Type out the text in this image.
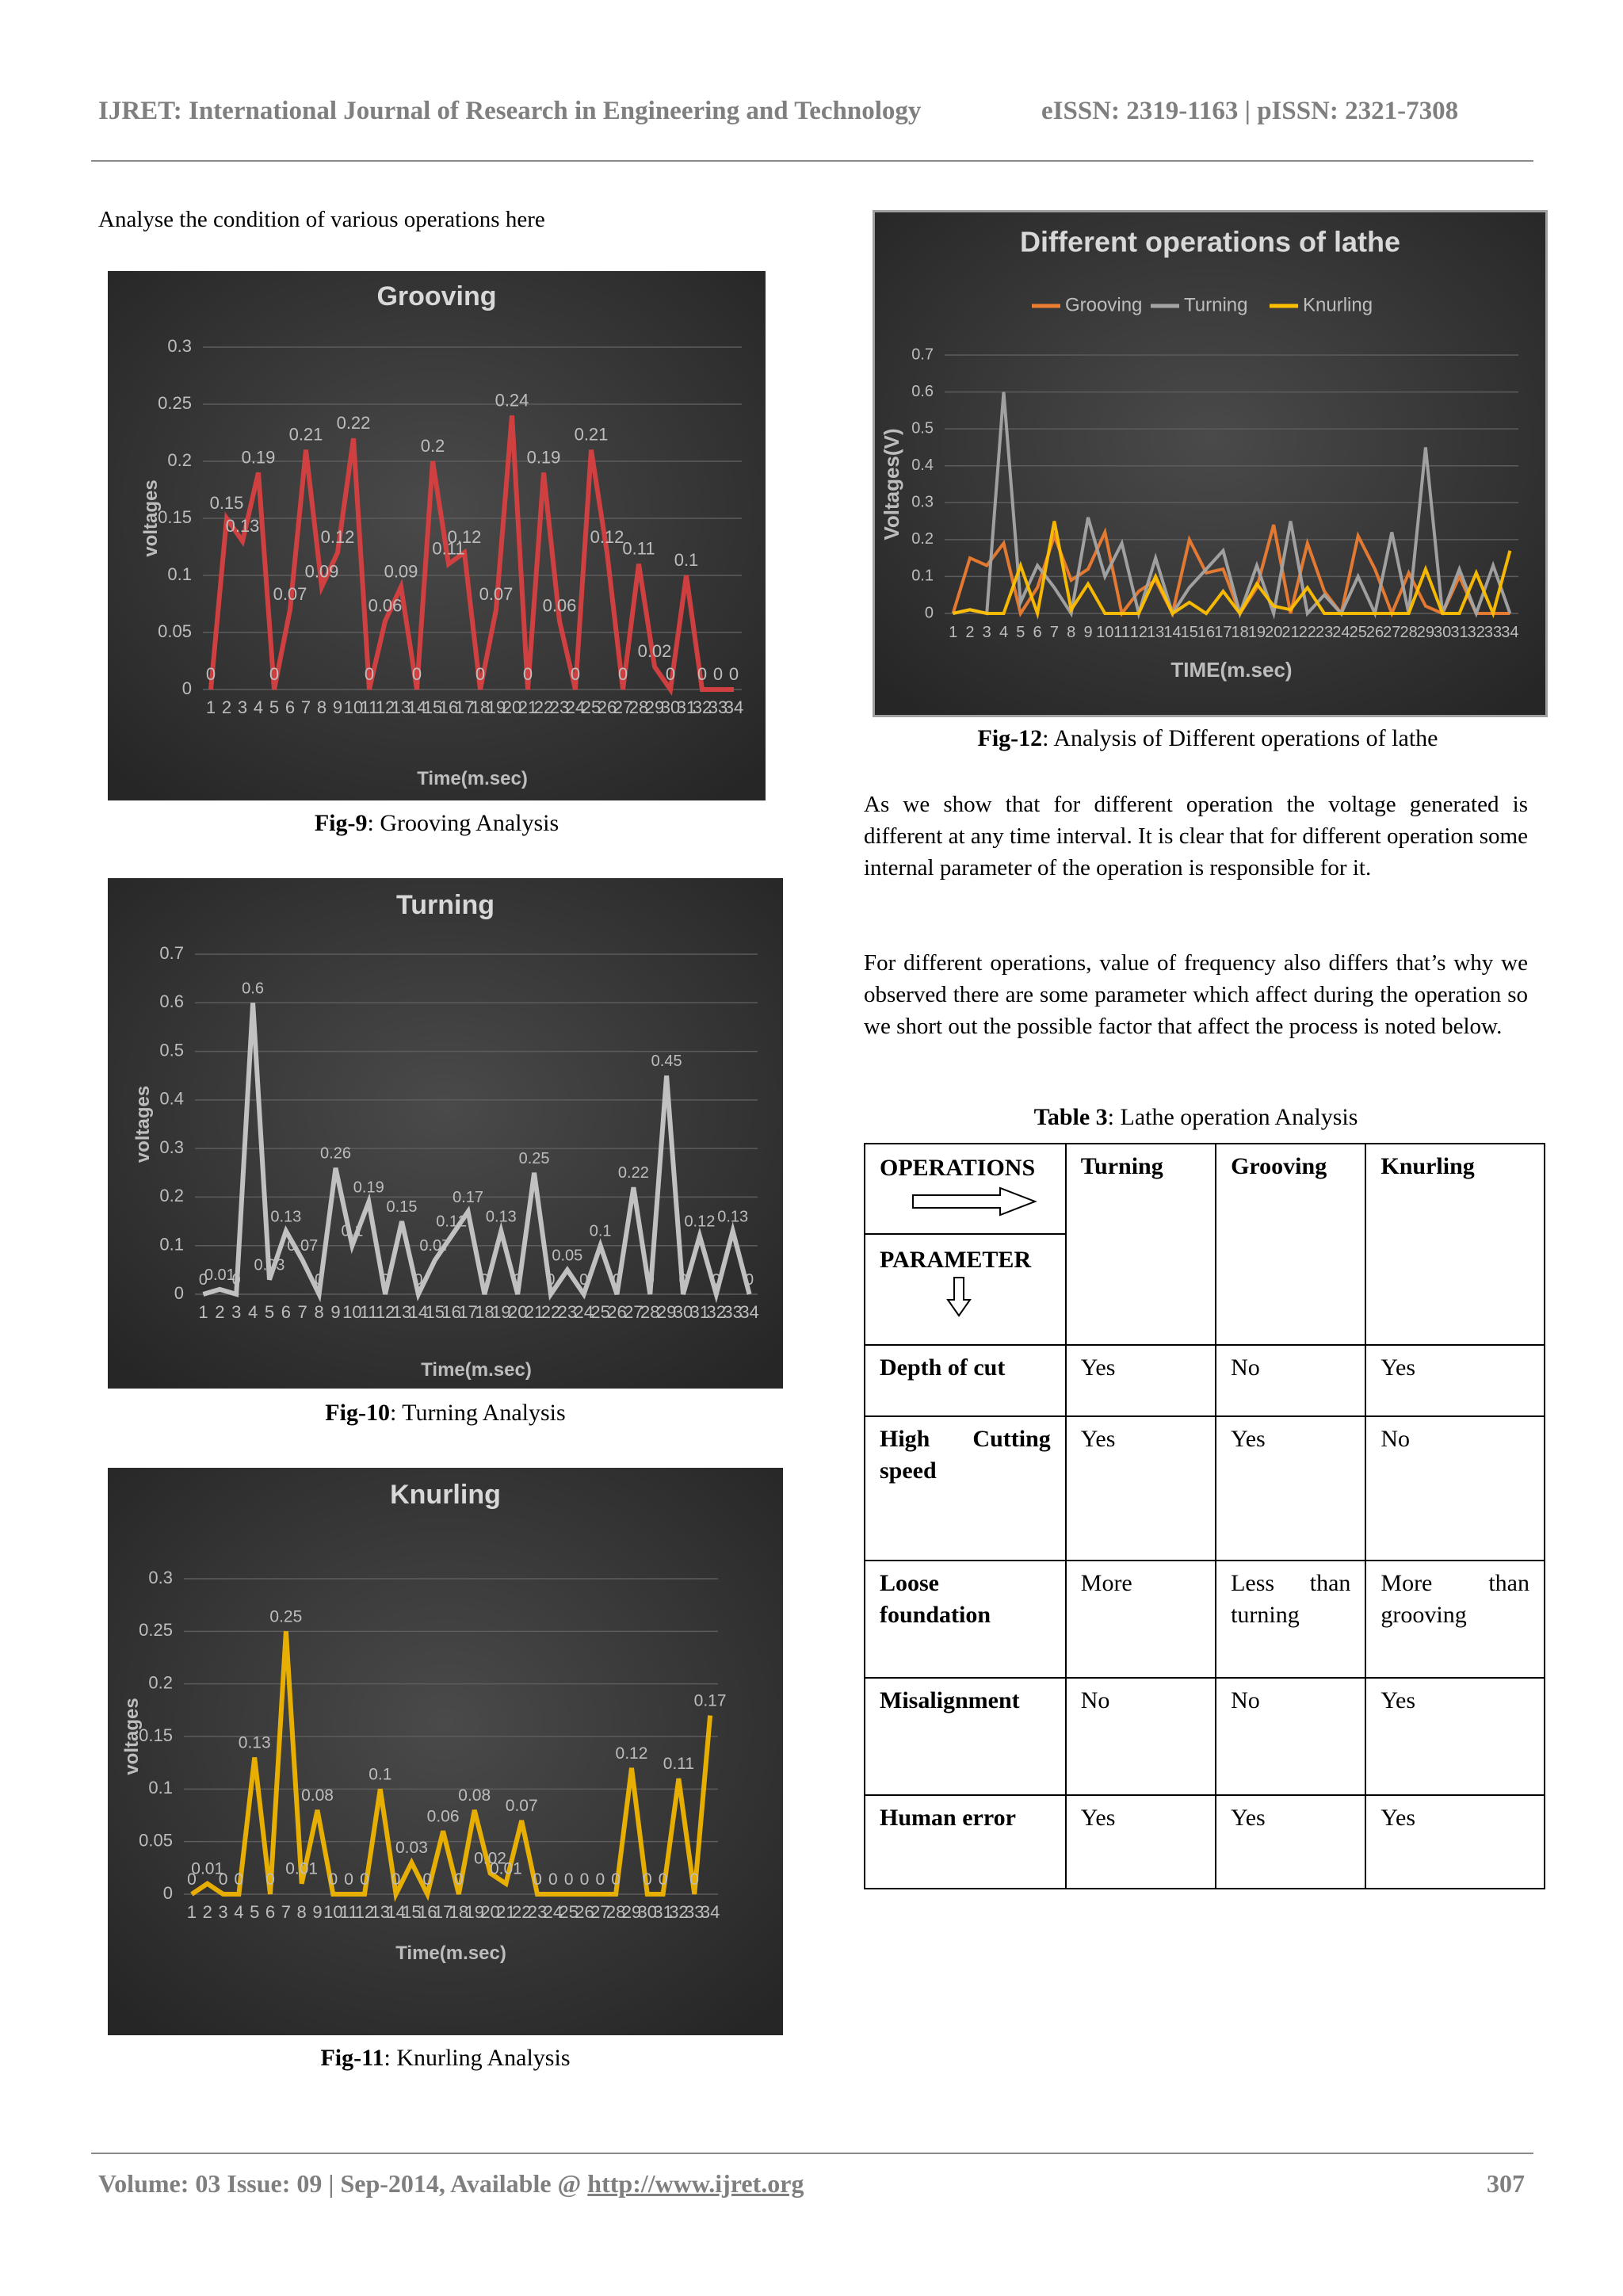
IJRET: International Journal of Research in Engineering and Technology	eISSN: 2319-1163 | pISSN: 2321-7308
Analyse the condition of various operations here
Grooving
0
0.05
0.1
0.15
0.2
0.25
0.3
voltages
1 2 3 4 5 6 7 8 9 10
11
12
13
14
15
16
17
18
19
20
21
22
23
24
25
26
27
28
29
30
31
32
33
34
Time(m.sec)
0
0.15
0.13
0.19
0
0.07
0.21
0.09
0.12
0.22
0
0.06
0.09
0
0.2
0.11
0.12
0
0.07
0.24
0
0.19
0.06
0
0.21
0.12
0
0.11
0.02
0
0.1
0 0 0
Fig-9: Grooving Analysis
Turning
0
0.1
0.2
0.3
0.4
0.5
0.6
0.7
voltages
1 2 3 4 5 6 7 8 9 10
11
12
13
14
15
16
17
18
19
20
21
22
23
24
25
26
27
28
29
30
31
32
33
34
Time(m.sec)
0
0.01
0
0.6
0.03
0.13
0.07
0
0.26
0.1
0.19
0
0.15
0
0.07
0.12
0.17
0
0.13
0
0.25
0
0.05
0
0.1
0
0.22
0
0.45
0
0.12
0
0.13
0
Fig-10: Turning Analysis
Knurling
0
0.05
0.1
0.15
0.2
0.25
0.3
voltages
1 2 3 4 5 6 7 8 9 10
11
12
13
14
15
16
17
18
19
20
21
22
23
24
25
26
27
28
29
30
31
32
33
34
Time(m.sec)
0
0.01
0 0
0.13
0
0.25
0.01
0.08
0 0 0
0.1
0
0.03
0
0.06
0
0.08
0.02
0.01
0.07
0 0 0 0 0 0
0.12
0 0
0.11
0
0.17
Fig-11: Knurling Analysis
Different operations of lathe
0
0.1
0.2
0.3
0.4
0.5
0.6
0.7
Voltages(V)
1 2 3 4 5 6 7 8 9 10 11 12 13 14 15 16 17 18 19 20 21 22 23 24 25 26 27 28 29 30 31 32 33 34
TIME(m.sec)
Grooving Turning	Knurling
Fig-12: Analysis of Different operations of lathe
As we show that for different operation the voltage generated is different at any time interval. It is clear that for different operation some internal parameter of the operation is responsible for it.
For different operations, value of frequency also differs that’s why we observed there are some parameter which affect during the operation so we short out the possible factor that affect the process is noted below.
Table 3: Lathe operation Analysis
OPERATIONS
PARAMETER	Turning	Grooving	Knurling
Depth of cut	Yes	No	Yes
High Cutting speed	Yes	Yes	No
Loose foundation	More	Less than turning	More than grooving
Misalignment	No	No	Yes
Human error	Yes	Yes	Yes
Volume: 03 Issue: 09 | Sep-2014, Available @ http://www.ijret.org	307
